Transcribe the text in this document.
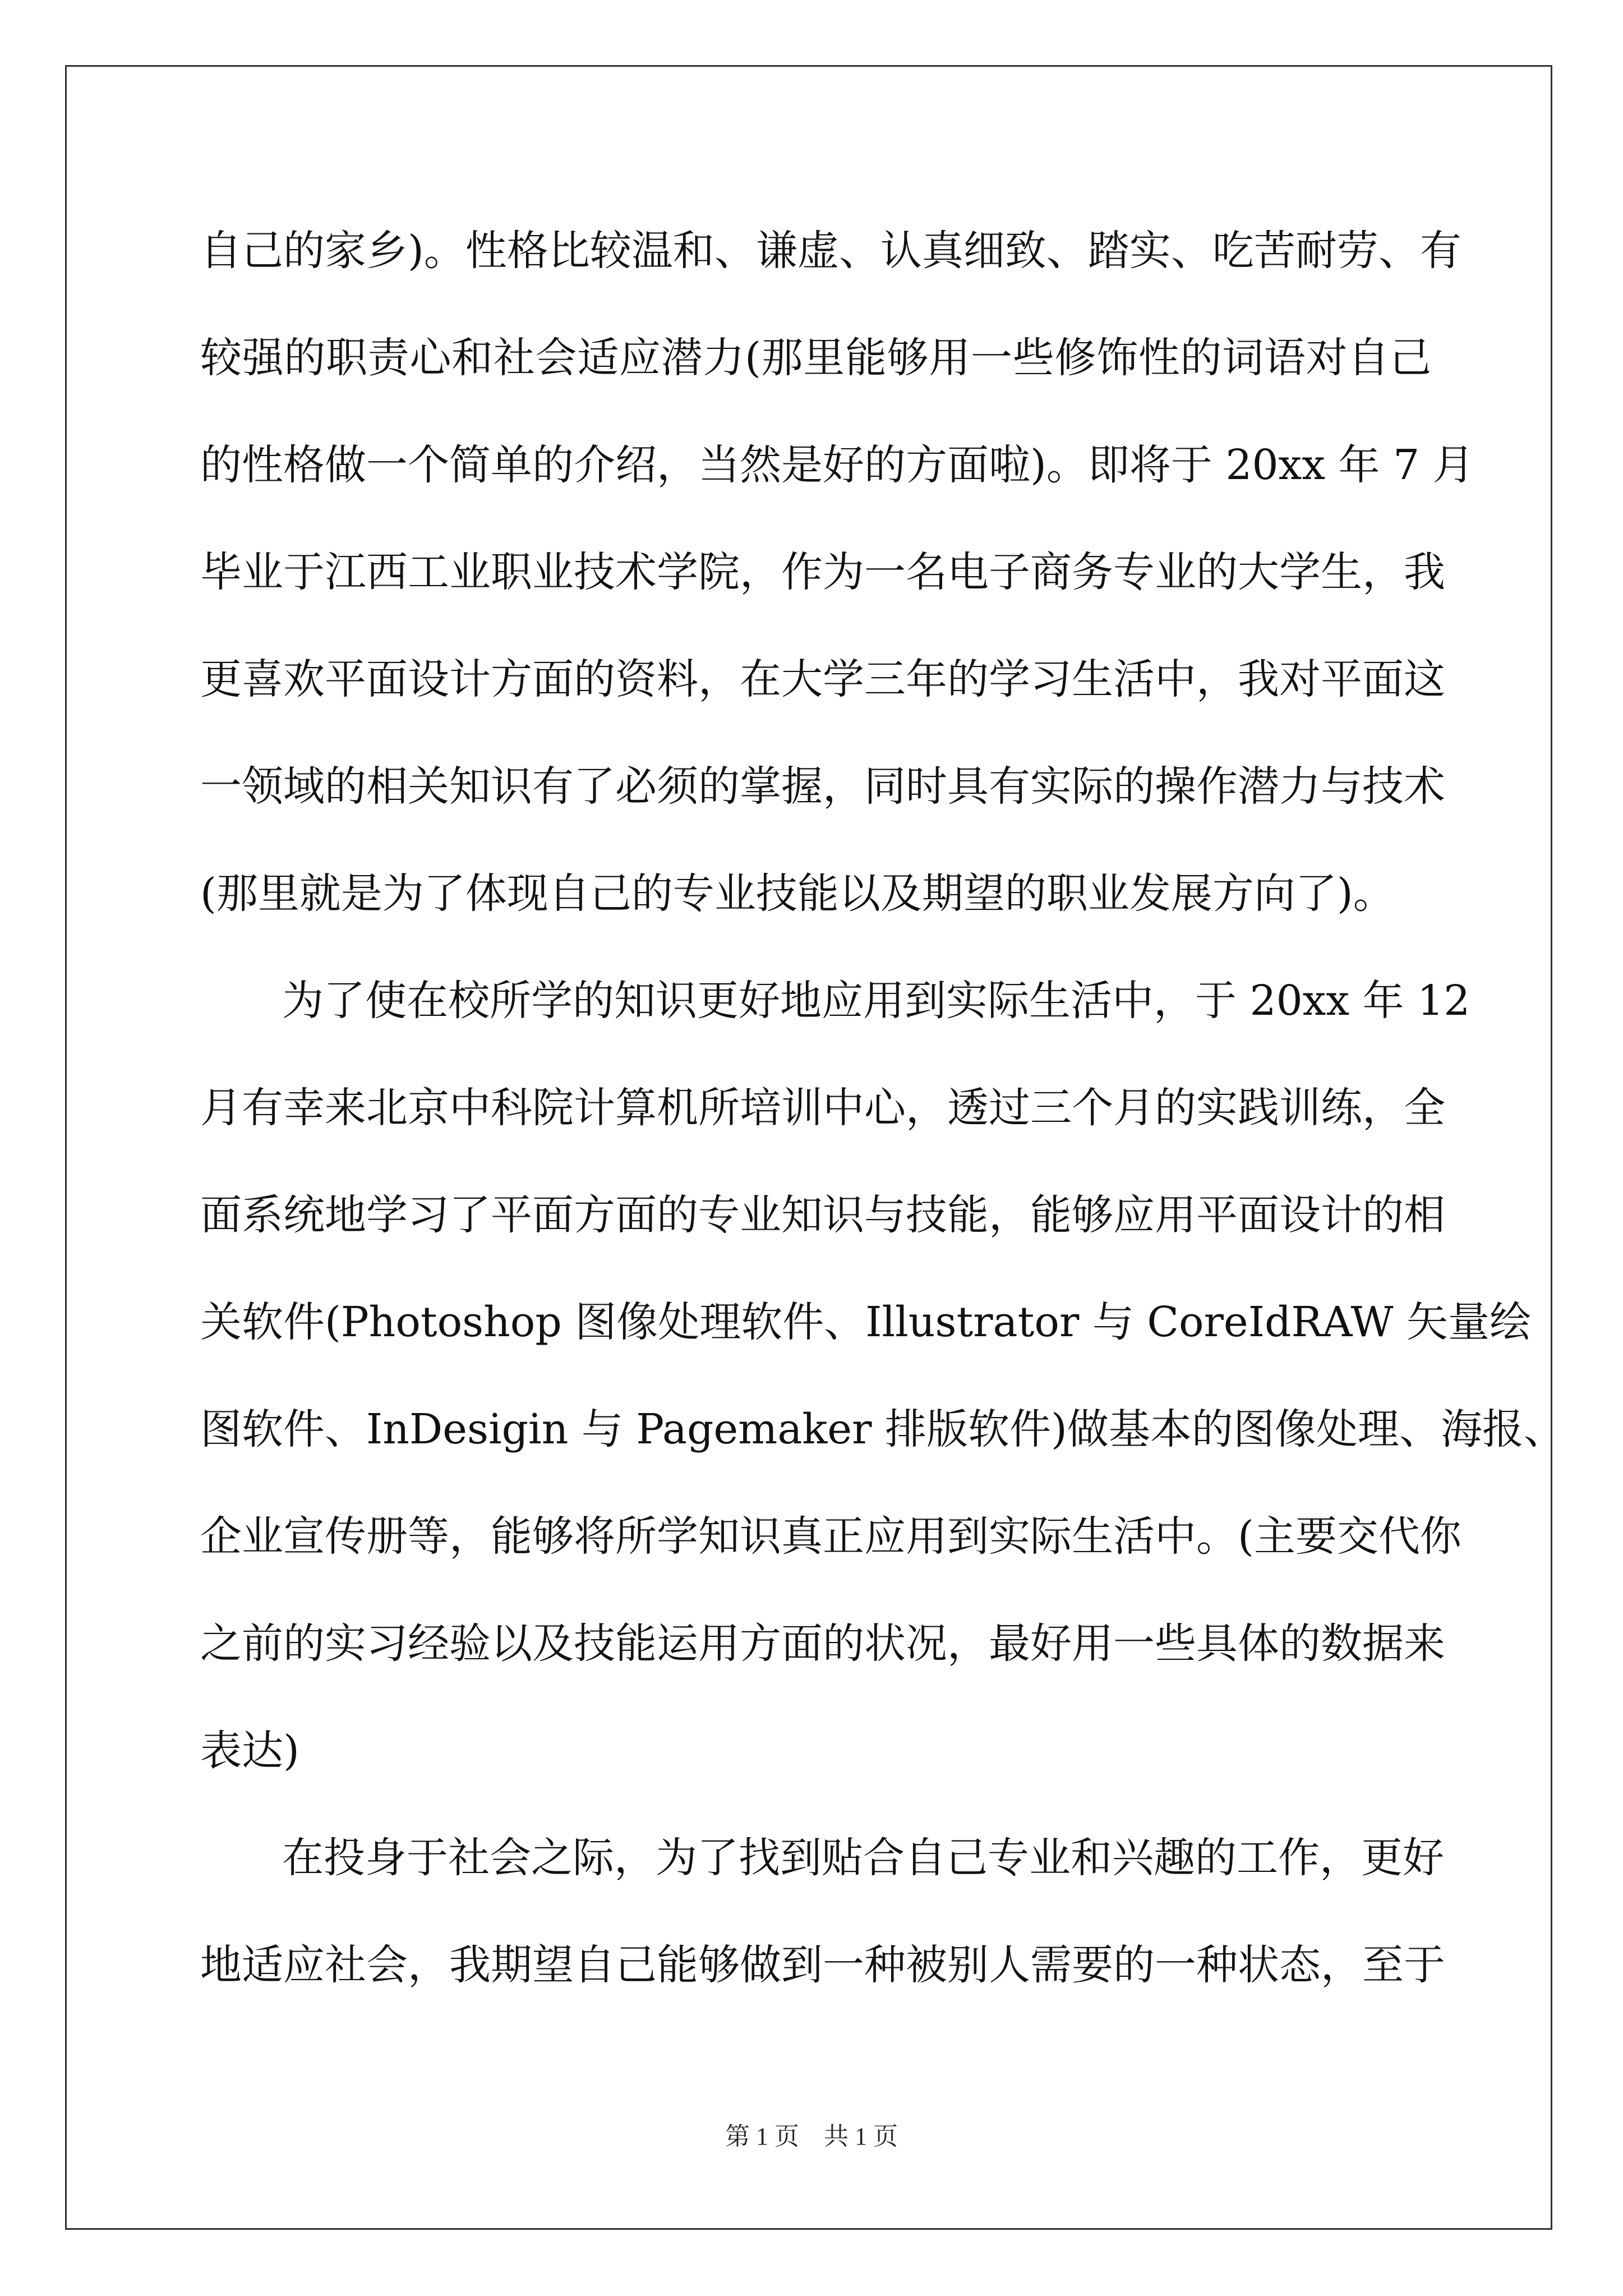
自己的家乡)。性格比较温和、谦虚、认真细致、踏实、吃苦耐劳、有
较强的职责心和社会适应潜力(那里能够用一些修饰性的词语对自己
的性格做一个简单的介绍，当然是好的方面啦)。即将于 20xx 年 7 月
毕业于江西工业职业技术学院，作为一名电子商务专业的大学生，我
更喜欢平面设计方面的资料，在大学三年的学习生活中，我对平面这
一领域的相关知识有了必须的掌握，同时具有实际的操作潜力与技术
(那里就是为了体现自己的专业技能以及期望的职业发展方向了)。
为了使在校所学的知识更好地应用到实际生活中，于 20xx 年 12
月有幸来北京中科院计算机所培训中心，透过三个月的实践训练，全
面系统地学习了平面方面的专业知识与技能，能够应用平面设计的相
关软件(Photoshop 图像处理软件、Illustrator 与 CoreIdRAW 矢量绘
图软件、InDesigin 与 Pagemaker 排版软件)做基本的图像处理、海报、
企业宣传册等，能够将所学知识真正应用到实际生活中。(主要交代你
之前的实习经验以及技能运用方面的状况，最好用一些具体的数据来
表达)
在投身于社会之际，为了找到贴合自己专业和兴趣的工作，更好
地适应社会，我期望自己能够做到一种被别人需要的一种状态，至于
第 1 页　共 1 页
